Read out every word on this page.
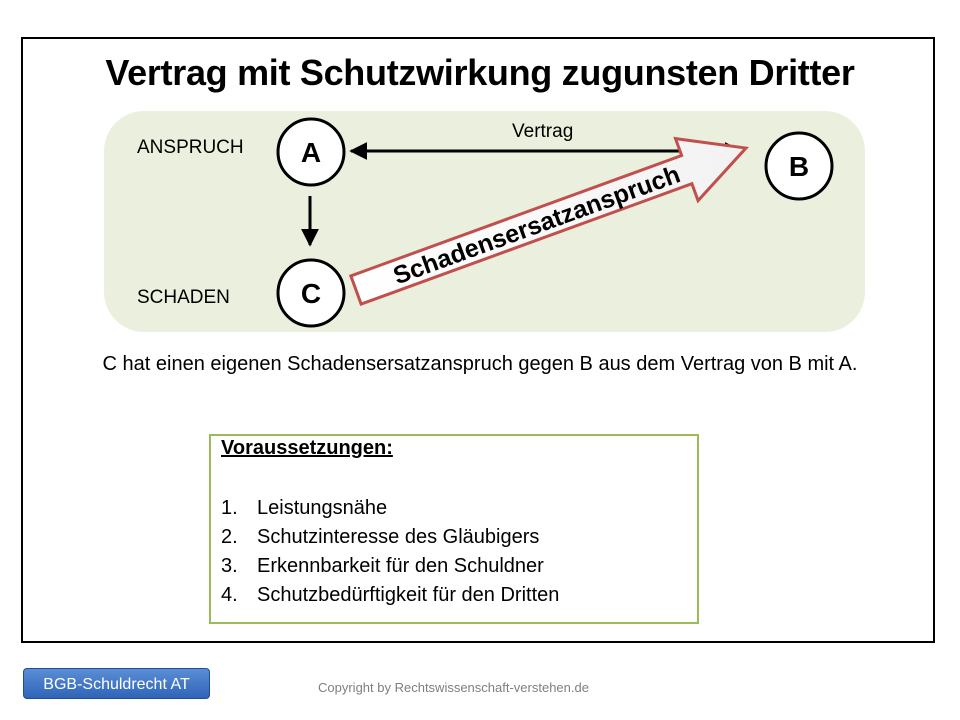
Vertrag mit Schutzwirkung zugunsten Dritter
Schadensersatzanspruch
A	B
C
Vertrag
ANSPRUCH
SCHADEN
C hat einen eigenen Schadensersatzanspruch gegen B aus dem Vertrag von B mit A.
Voraussetzungen:
1. Leistungsnähe
2. Schutzinteresse des Gläubigers
3. Erkennbarkeit für den Schuldner
4. Schutzbedürftigkeit für den Dritten
BGB-Schuldrecht AT	Copyright by Rechtswissenschaft-verstehen.de
